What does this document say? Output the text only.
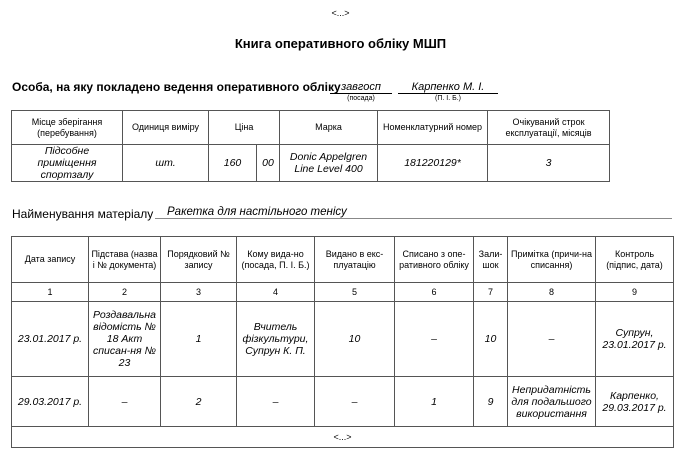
<...>
Книга оперативного обліку МШП
Особа, на яку покладено ведення оперативного обліку завгосп
(посада)
Карпенко М. І.
(П. І. Б.)
Місце зберігання (перебування)	Одиниця виміру	Ціна		Марка	Номенклатурний номер	Очікуваний строк експлуатації, місяців
Підсобне приміщення спортзалу	шт.	160	00	Donic Appelgren Line Level 400	181220129*	3
Найменування матеріалу	Ракетка для настільного тенісу
Дата запису	Підстава (назва і № документа)	Порядковий № запису	Кому вида-но (посада, П. І. Б.)	Видано в екс-плуатацію	Списано з опе-ративного обліку	Зали-шок	Примітка (причи-на списання)	Контроль (підпис, дата)
1	2	3	4	5	6	7	8	9
23.01.2017 р.	Роздавальна відомість № 18 Акт списан-ня № 23	1	Вчитель фізкультури, Супрун К. П.	10	–	10	–	Супрун, 23.01.2017 р.
29.03.2017 р.	–	2	–	–	1	9	Непридатність для подальшого використання	Карпенко, 29.03.2017 р.
<...>								
